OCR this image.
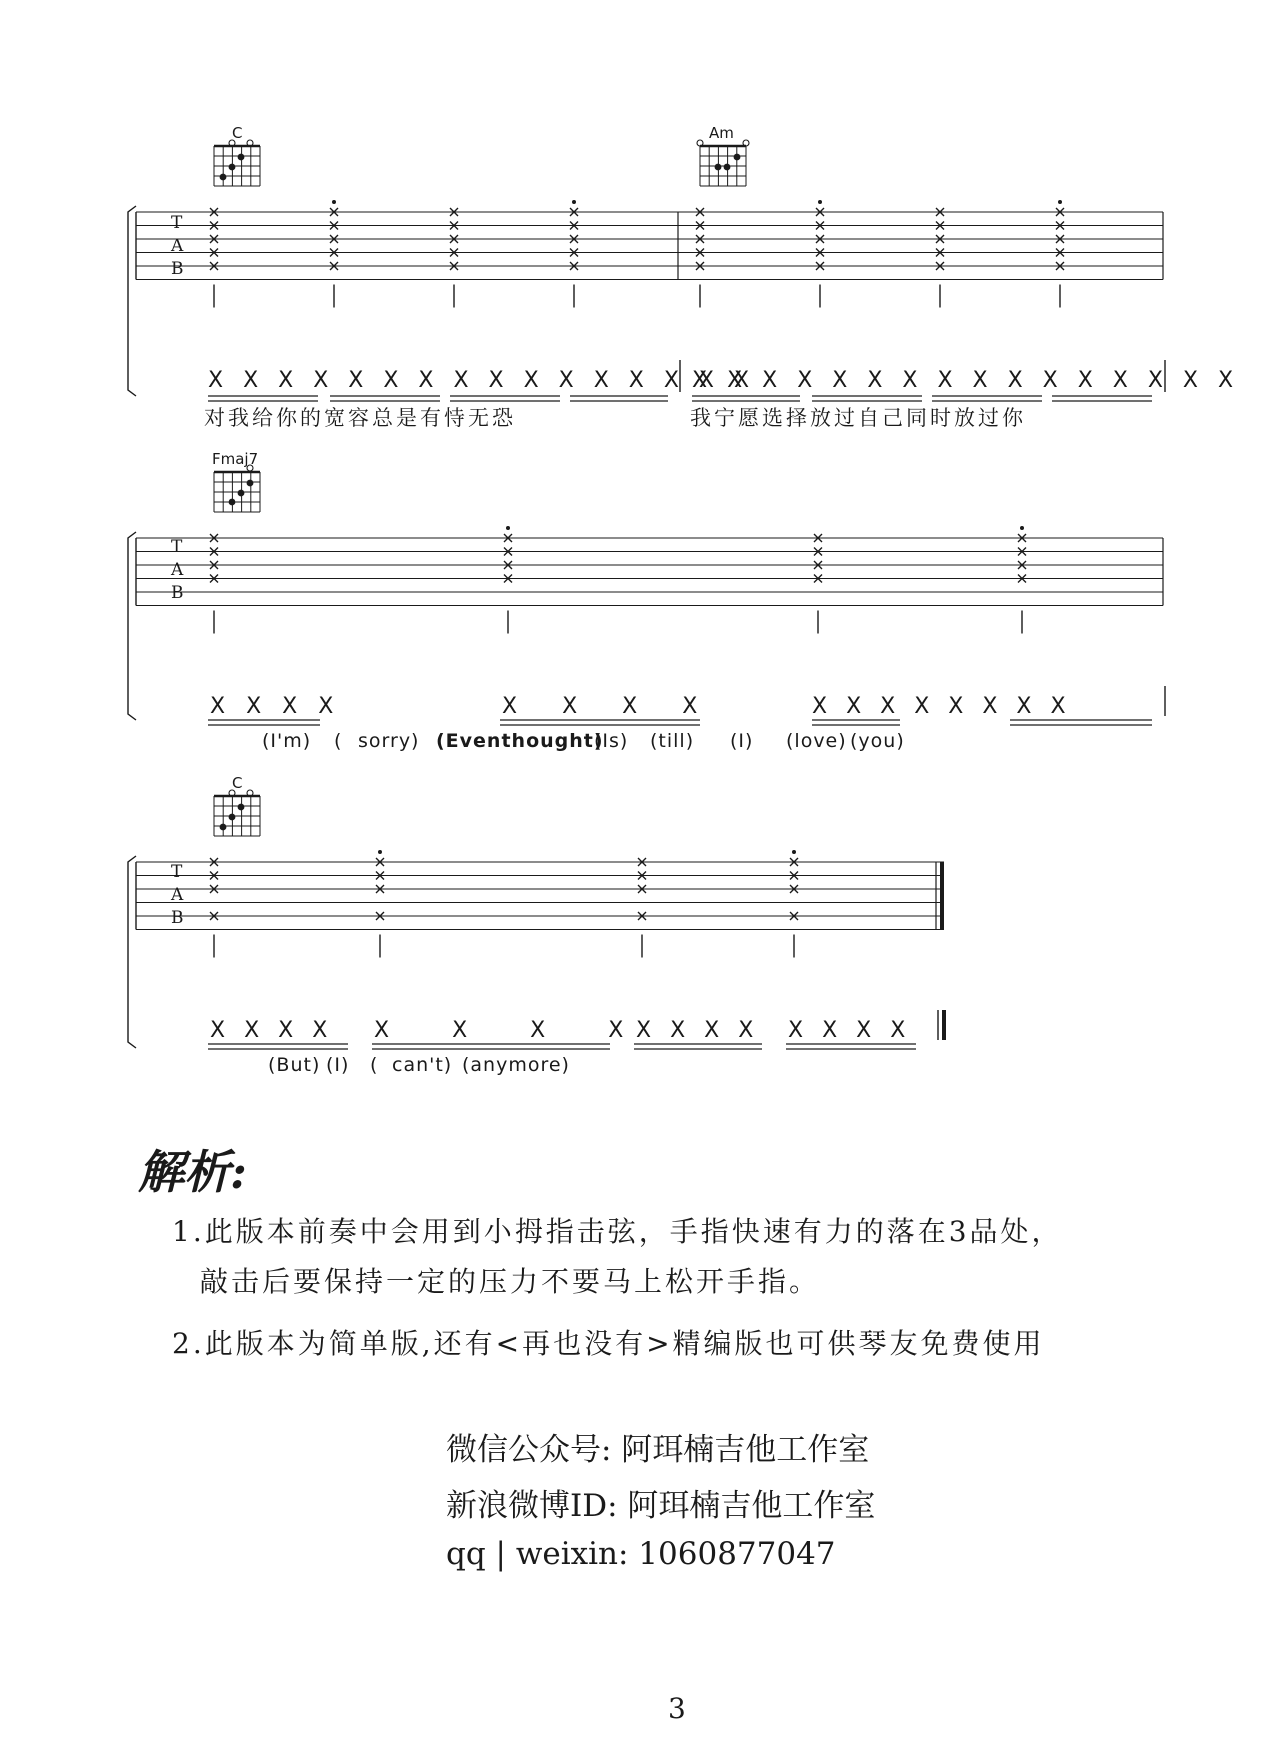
C	Am
Fmaj7
C
T
A
B
T
A
B
T
A
B
X X X X X X X X X X X X X X X X
X X X X X X X X X X X X X X X X
对我给你的宽容总是有恃无恐	我宁愿选择放过自己同时放过你
X X X X	X X X X	X X X X X X X X
(I'm) ( sorry) (Eventhought)
(Is) (till) (I) (love) (you)
X X X X X X X X X X X X X X X X
(But) (I) ( can't) (anymore)
解析:
1.此版本前奏中会用到小拇指击弦，手指快速有力的落在3品处，
敲击后要保持一定的压力不要马上松开手指。
2.此版本为简单版,还有<再也没有>精编版也可供琴友免费使用
微信公众号: 阿珥楠吉他工作室
新浪微博ID: 阿珥楠吉他工作室
qq | weixin: 1060877047
3
